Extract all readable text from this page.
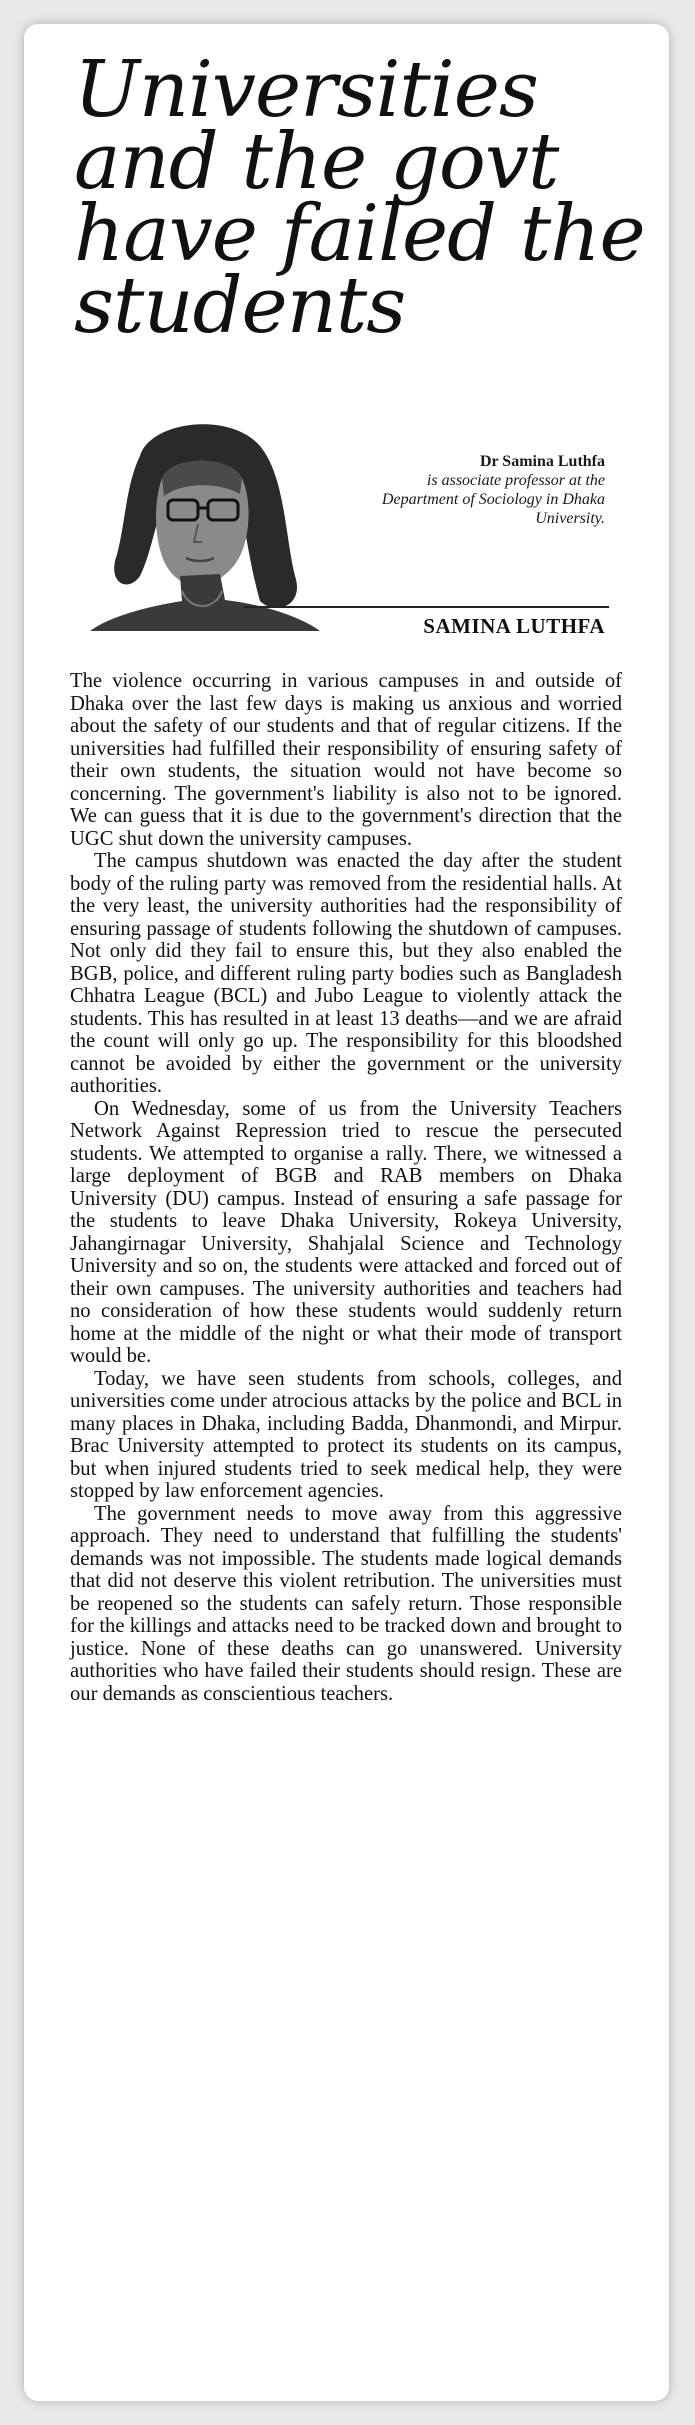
Universities and the govt have failed the students
Dr Samina Luthfa
is associate professor at the Department of Sociology in Dhaka University.
SAMINA LUTHFA

The violence occurring in various campuses in and outside of Dhaka over the last few days is making us anxious and worried about the safety of our students and that of regular citizens. If the universities had fulfilled their responsibility of ensuring safety of their own students, the situation would not have become so concerning. The government's liability is also not to be ignored. We can guess that it is due to the government's direction that the UGC shut down the university campuses.

The campus shutdown was enacted the day after the student body of the ruling party was removed from the residential halls. At the very least, the university authorities had the responsibility of ensuring passage of students following the shutdown of campuses. Not only did they fail to ensure this, but they also enabled the BGB, police, and different ruling party bodies such as Bangladesh Chhatra League (BCL) and Jubo League to violently attack the students. This has resulted in at least 13 deaths—and we are afraid the count will only go up. The responsibility for this bloodshed cannot be avoided by either the government or the university authorities.

On Wednesday, some of us from the University Teachers Network Against Repression tried to rescue the persecuted students. We attempted to organise a rally. There, we witnessed a large deployment of BGB and RAB members on Dhaka University (DU) campus. Instead of ensuring a safe passage for the students to leave Dhaka University, Rokeya University, Jahangirnagar University, Shahjalal Science and Technology University and so on, the students were attacked and forced out of their own campuses. The university authorities and teachers had no consideration of how these students would suddenly return home at the middle of the night or what their mode of transport would be.

Today, we have seen students from schools, colleges, and universities come under atrocious attacks by the police and BCL in many places in Dhaka, including Badda, Dhanmondi, and Mirpur. Brac University attempted to protect its students on its campus, but when injured students tried to seek medical help, they were stopped by law enforcement agencies.

The government needs to move away from this aggressive approach. They need to understand that fulfilling the students' demands was not impossible. The students made logical demands that did not deserve this violent retribution. The universities must be reopened so the students can safely return. Those responsible for the killings and attacks need to be tracked down and brought to justice. None of these deaths can go unanswered. University authorities who have failed their students should resign. These are our demands as conscientious teachers.
